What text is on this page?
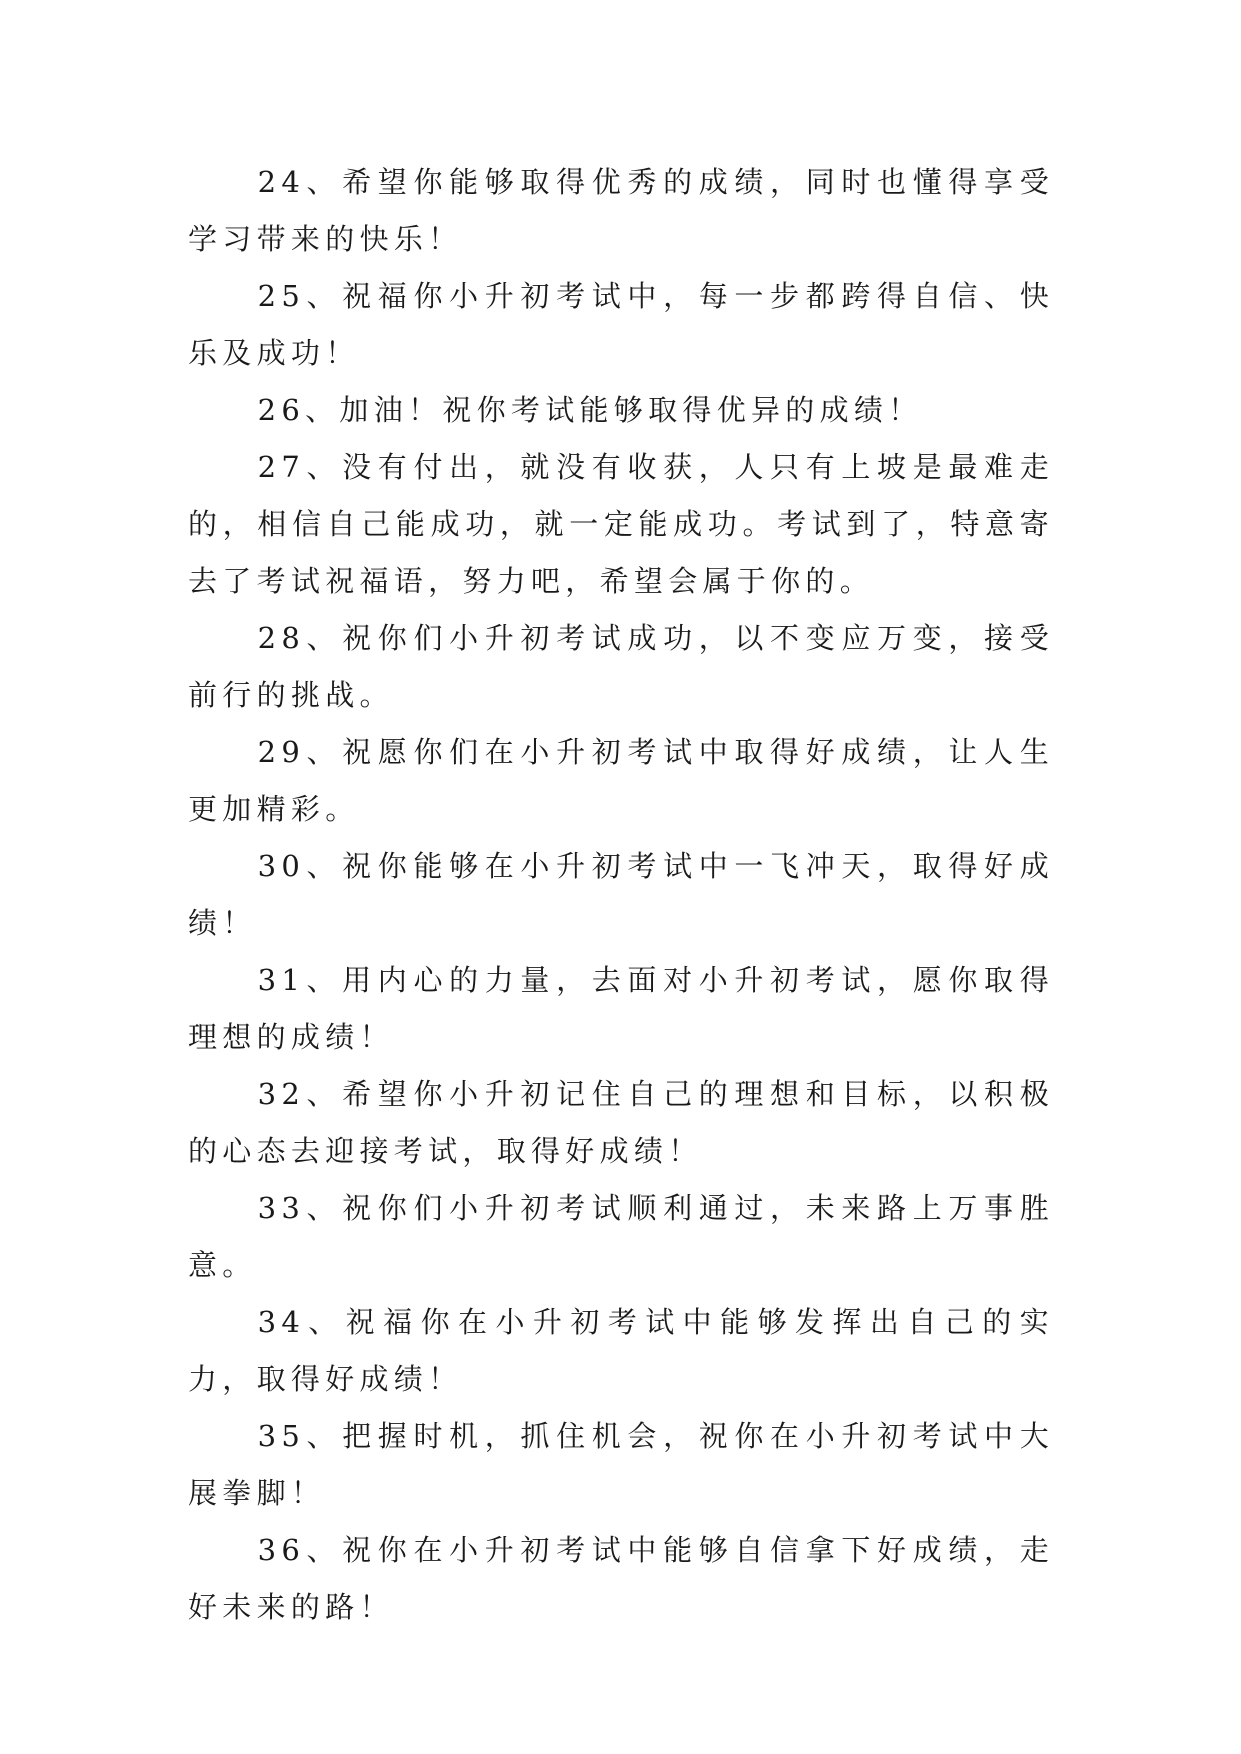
24、希望你能够取得优秀的成绩，同时也懂得享受学习带来的快乐！

25、祝福你小升初考试中，每一步都跨得自信、快乐及成功！

26、加油！祝你考试能够取得优异的成绩！

27、没有付出，就没有收获，人只有上坡是最难走的，相信自己能成功，就一定能成功。考试到了，特意寄去了考试祝福语，努力吧，希望会属于你的。

28、祝你们小升初考试成功，以不变应万变，接受前行的挑战。

29、祝愿你们在小升初考试中取得好成绩，让人生更加精彩。

30、祝你能够在小升初考试中一飞冲天，取得好成绩！

31、用内心的力量，去面对小升初考试，愿你取得理想的成绩！

32、希望你小升初记住自己的理想和目标，以积极的心态去迎接考试，取得好成绩！

33、祝你们小升初考试顺利通过，未来路上万事胜意。

34、祝福你在小升初考试中能够发挥出自己的实力，取得好成绩！

35、把握时机，抓住机会，祝你在小升初考试中大展拳脚！

36、祝你在小升初考试中能够自信拿下好成绩，走好未来的路！
